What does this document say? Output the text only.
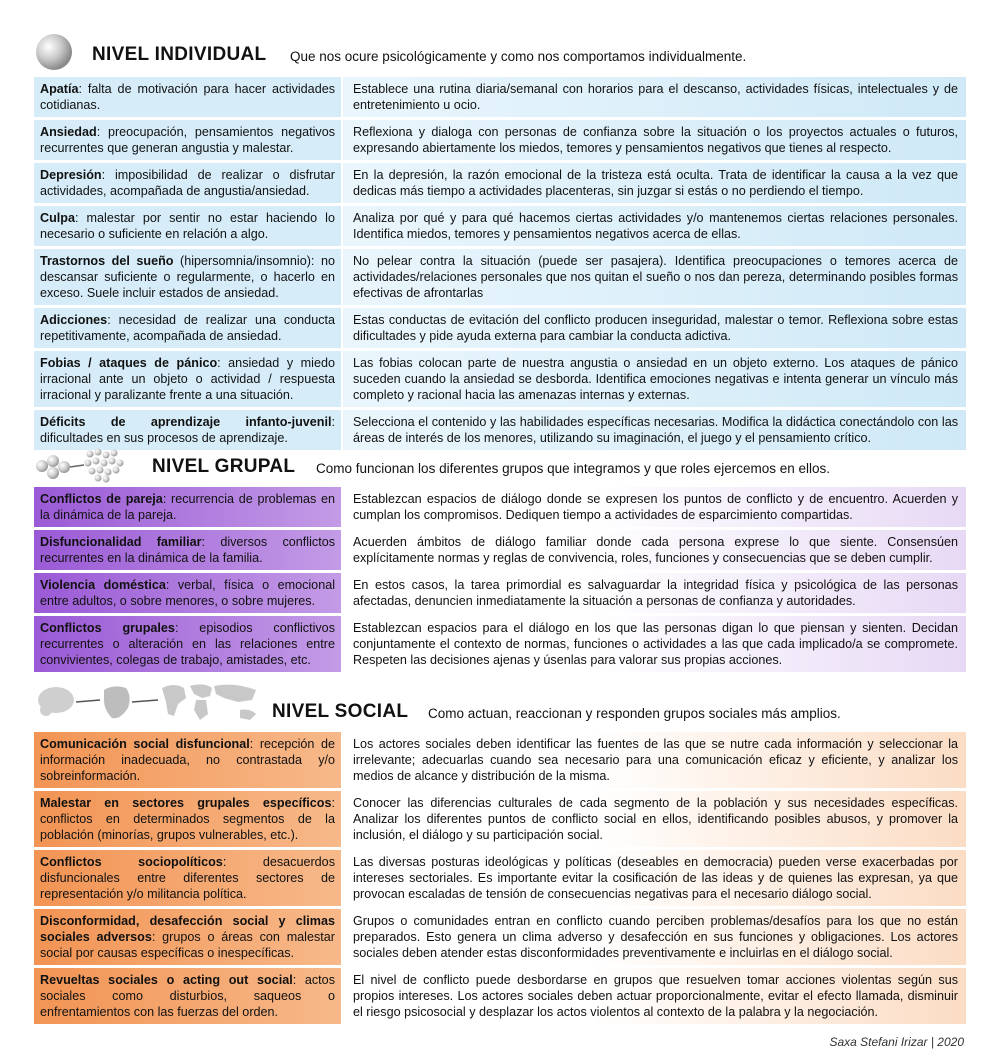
NIVEL INDIVIDUAL Que nos ocure psicológicamente y como nos comportamos individualmente.
Apatía: falta de motivación para hacer actividades cotidianas.
Establece una rutina diaria/semanal con horarios para el descanso, actividades físicas, intelectuales y de entretenimiento u ocio.
Ansiedad: preocupación, pensamientos negativos recurrentes que generan angustia y malestar.
Reflexiona y dialoga con personas de confianza sobre la situación o los proyectos actuales o futuros, expresando abiertamente los miedos, temores y pensamientos negativos que tienes al respecto.
Depresión: imposibilidad de realizar o disfrutar actividades, acompañada de angustia/ansiedad.
En la depresión, la razón emocional de la tristeza está oculta. Trata de identificar la causa a la vez que dedicas más tiempo a actividades placenteras, sin juzgar si estás o no perdiendo el tiempo.
Culpa: malestar por sentir no estar haciendo lo necesario o suficiente en relación a algo.
Analiza por qué y para qué hacemos ciertas actividades y/o mantenemos ciertas relaciones personales. Identifica miedos, temores y pensamientos negativos acerca de ellas.
Trastornos del sueño (hipersomnia/insomnio): no descansar suficiente o regularmente, o hacerlo en exceso. Suele incluir estados de ansiedad.
No pelear contra la situación (puede ser pasajera). Identifica preocupaciones o temores acerca de actividades/relaciones personales que nos quitan el sueño o nos dan pereza, determinando posibles formas efectivas de afrontarlas
Adicciones: necesidad de realizar una conducta repetitivamente, acompañada de ansiedad.
Estas conductas de evitación del conflicto producen inseguridad, malestar o temor. Reflexiona sobre estas dificultades y pide ayuda externa para cambiar la conducta adictiva.
Fobias / ataques de pánico: ansiedad y miedo irracional ante un objeto o actividad / respuesta irracional y paralizante frente a una situación.
Las fobias colocan parte de nuestra angustia o ansiedad en un objeto externo. Los ataques de pánico suceden cuando la ansiedad se desborda. Identifica emociones negativas e intenta generar un vínculo más completo y racional hacia las amenazas internas y externas.
Déficits de aprendizaje infanto-juvenil: dificultades en sus procesos de aprendizaje.
Selecciona el contenido y las habilidades específicas necesarias. Modifica la didáctica conectándolo con las áreas de interés de los menores, utilizando su imaginación, el juego y el pensamiento crítico.
NIVEL GRUPAL Como funcionan los diferentes grupos que integramos y que roles ejercemos en ellos.
Conflictos de pareja: recurrencia de problemas en la dinámica de la pareja.
Establezcan espacios de diálogo donde se expresen los puntos de conflicto y de encuentro. Acuerden y cumplan los compromisos. Dediquen tiempo a actividades de esparcimiento compartidas.
Disfuncionalidad familiar: diversos conflictos recurrentes en la dinámica de la familia.
Acuerden ámbitos de diálogo familiar donde cada persona exprese lo que siente. Consensúen explícitamente normas y reglas de convivencia, roles, funciones y consecuencias que se deben cumplir.
Violencia doméstica: verbal, física o emocional entre adultos, o sobre menores, o sobre mujeres.
En estos casos, la tarea primordial es salvaguardar la integridad física y psicológica de las personas afectadas, denuncien inmediatamente la situación a personas de confianza y autoridades.
Conflictos grupales: episodios conflictivos recurrentes o alteración en las relaciones entre convivientes, colegas de trabajo, amistades, etc.
Establezcan espacios para el diálogo en los que las personas digan lo que piensan y sienten. Decidan conjuntamente el contexto de normas, funciones o actividades a las que cada implicado/a se compromete. Respeten las decisiones ajenas y úsenlas para valorar sus propias acciones.
NIVEL SOCIAL Como actuan, reaccionan y responden grupos sociales más amplios.
Comunicación social disfuncional: recepción de información inadecuada, no contrastada y/o sobreinformación.
Los actores sociales deben identificar las fuentes de las que se nutre cada información y seleccionar la irrelevante; adecuarlas cuando sea necesario para una comunicación eficaz y eficiente, y analizar los medios de alcance y distribución de la misma.
Malestar en sectores grupales específicos: conflictos en determinados segmentos de la población (minorías, grupos vulnerables, etc.).
Conocer las diferencias culturales de cada segmento de la población y sus necesidades específicas. Analizar los diferentes puntos de conflicto social en ellos, identificando posibles abusos, y promover la inclusión, el diálogo y su participación social.
Conflictos sociopolíticos: desacuerdos disfuncionales entre diferentes sectores de representación y/o militancia política.
Las diversas posturas ideológicas y políticas (deseables en democracia) pueden verse exacerbadas por intereses sectoriales. Es importante evitar la cosificación de las ideas y de quienes las expresan, ya que provocan escaladas de tensión de consecuencias negativas para el necesario diálogo social.
Disconformidad, desafección social y climas sociales adversos: grupos o áreas con malestar social por causas específicas o inespecíficas.
Grupos o comunidades entran en conflicto cuando perciben problemas/desafíos para los que no están preparados. Esto genera un clima adverso y desafección en sus funciones y obligaciones. Los actores sociales deben atender estas disconformidades preventivamente e incluirlas en el diálogo social.
Revueltas sociales o acting out social: actos sociales como disturbios, saqueos o enfrentamientos con las fuerzas del orden.
El nivel de conflicto puede desbordarse en grupos que resuelven tomar acciones violentas según sus propios intereses. Los actores sociales deben actuar proporcionalmente, evitar el efecto llamada, disminuir el riesgo psicosocial y desplazar los actos violentos al contexto de la palabra y la negociación.
Saxa Stefani Irizar | 2020
